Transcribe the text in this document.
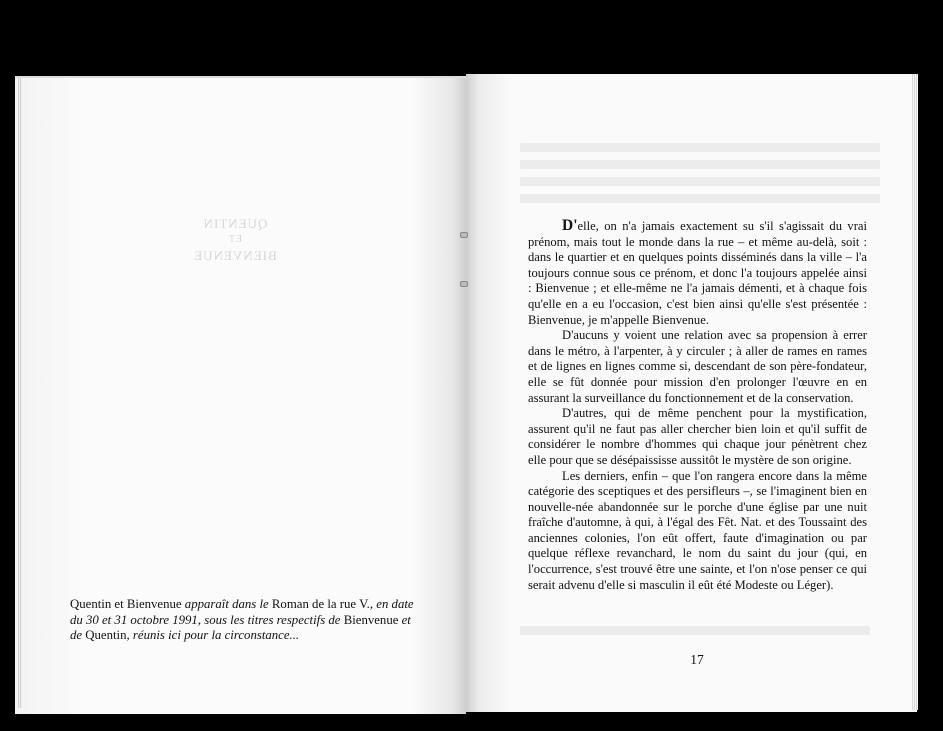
QUENTIN
ET
BIENVENUE
Quentin et Bienvenue apparaît dans le Roman de la rue V., en date du 30 et 31 octobre 1991, sous les titres respectifs de Bienvenue et de Quentin, réunis ici pour la circonstance...

D'elle, on n'a jamais exactement su s'il s'agissait du vrai prénom, mais tout le monde dans la rue – et même au-delà, soit : dans le quartier et en quelques points disséminés dans la ville – l'a toujours connue sous ce prénom, et donc l'a toujours appelée ainsi : Bienvenue ; et elle-même ne l'a jamais démenti, et à chaque fois qu'elle en a eu l'occasion, c'est bien ainsi qu'elle s'est présentée : Bienvenue, je m'appelle Bienvenue.

D'aucuns y voient une relation avec sa propension à errer dans le métro, à l'arpenter, à y circuler ; à aller de rames en rames et de lignes en lignes comme si, descendant de son père-fondateur, elle se fût donnée pour mission d'en prolonger l'œuvre en en assurant la surveillance du fonctionnement et de la conservation.

D'autres, qui de même penchent pour la mystification, assurent qu'il ne faut pas aller chercher bien loin et qu'il suffit de considérer le nombre d'hommes qui chaque jour pénètrent chez elle pour que se désépaississe aussitôt le mystère de son origine.

Les derniers, enfin – que l'on rangera encore dans la même catégorie des sceptiques et des persifleurs –, se l'imaginent bien en nouvelle-née abandonnée sur le porche d'une église par une nuit fraîche d'automne, à qui, à l'égal des Fêt. Nat. et des Toussaint des anciennes colonies, l'on eût offert, faute d'imagination ou par quelque réflexe revanchard, le nom du saint du jour (qui, en l'occurrence, s'est trouvé être une sainte, et l'on n'ose penser ce qui serait advenu d'elle si masculin il eût été Modeste ou Léger).

17
